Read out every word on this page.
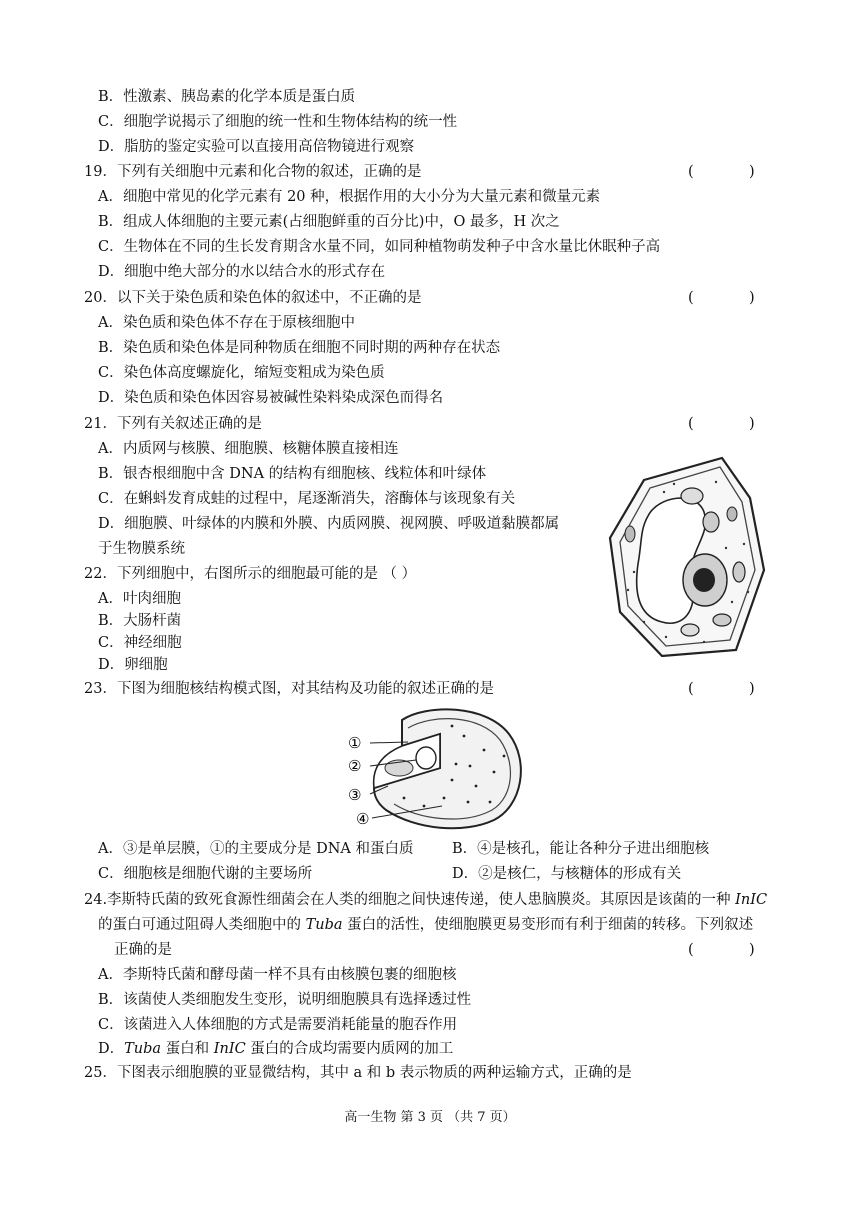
B．性激素、胰岛素的化学本质是蛋白质
C．细胞学说揭示了细胞的统一性和生物体结构的统一性
D．脂肪的鉴定实验可以直接用高倍物镜进行观察
19．下列有关细胞中元素和化合物的叙述，正确的是	(            )
A．细胞中常见的化学元素有 20 种，根据作用的大小分为大量元素和微量元素
B．组成人体细胞的主要元素(占细胞鲜重的百分比)中，O 最多，H 次之
C．生物体在不同的生长发育期含水量不同，如同种植物萌发种子中含水量比休眠种子高
D．细胞中绝大部分的水以结合水的形式存在
20．以下关于染色质和染色体的叙述中，不正确的是	(            )
A．染色质和染色体不存在于原核细胞中
B．染色质和染色体是同种物质在细胞不同时期的两种存在状态
C．染色体高度螺旋化，缩短变粗成为染色质
D．染色质和染色体因容易被碱性染料染成深色而得名
21．下列有关叙述正确的是	(            )
A．内质网与核膜、细胞膜、核糖体膜直接相连
B．银杏根细胞中含 DNA 的结构有细胞核、线粒体和叶绿体
C．在蝌蚪发育成蛙的过程中，尾逐渐消失，溶酶体与该现象有关
D．细胞膜、叶绿体的内膜和外膜、内质网膜、视网膜、呼吸道黏膜都属
于生物膜系统
22．下列细胞中，右图所示的细胞最可能的是 （ ）
A．叶肉细胞
B．大肠杆菌
C．神经细胞
D．卵细胞
23．下图为细胞核结构模式图，对其结构及功能的叙述正确的是	(            )
①
②
③
④
A．③是单层膜，①的主要成分是 DNA 和蛋白质	B．④是核孔，能让各种分子进出细胞核
C．细胞核是细胞代谢的主要场所	D．②是核仁，与核糖体的形成有关
24.李斯特氏菌的致死食源性细菌会在人类的细胞之间快速传递，使人患脑膜炎。其原因是该菌的一种 InIC
的蛋白可通过阻碍人类细胞中的 Tuba 蛋白的活性，使细胞膜更易变形而有利于细菌的转移。下列叙述
正确的是	(            )
A．李斯特氏菌和酵母菌一样不具有由核膜包裹的细胞核
B．该菌使人类细胞发生变形，说明细胞膜具有选择透过性
C．该菌进入人体细胞的方式是需要消耗能量的胞吞作用
D．Tuba 蛋白和 InIC 蛋白的合成均需要内质网的加工
25．下图表示细胞膜的亚显微结构，其中 a 和 b 表示物质的两种运输方式，正确的是
高一生物 第 3 页 （共 7 页）
